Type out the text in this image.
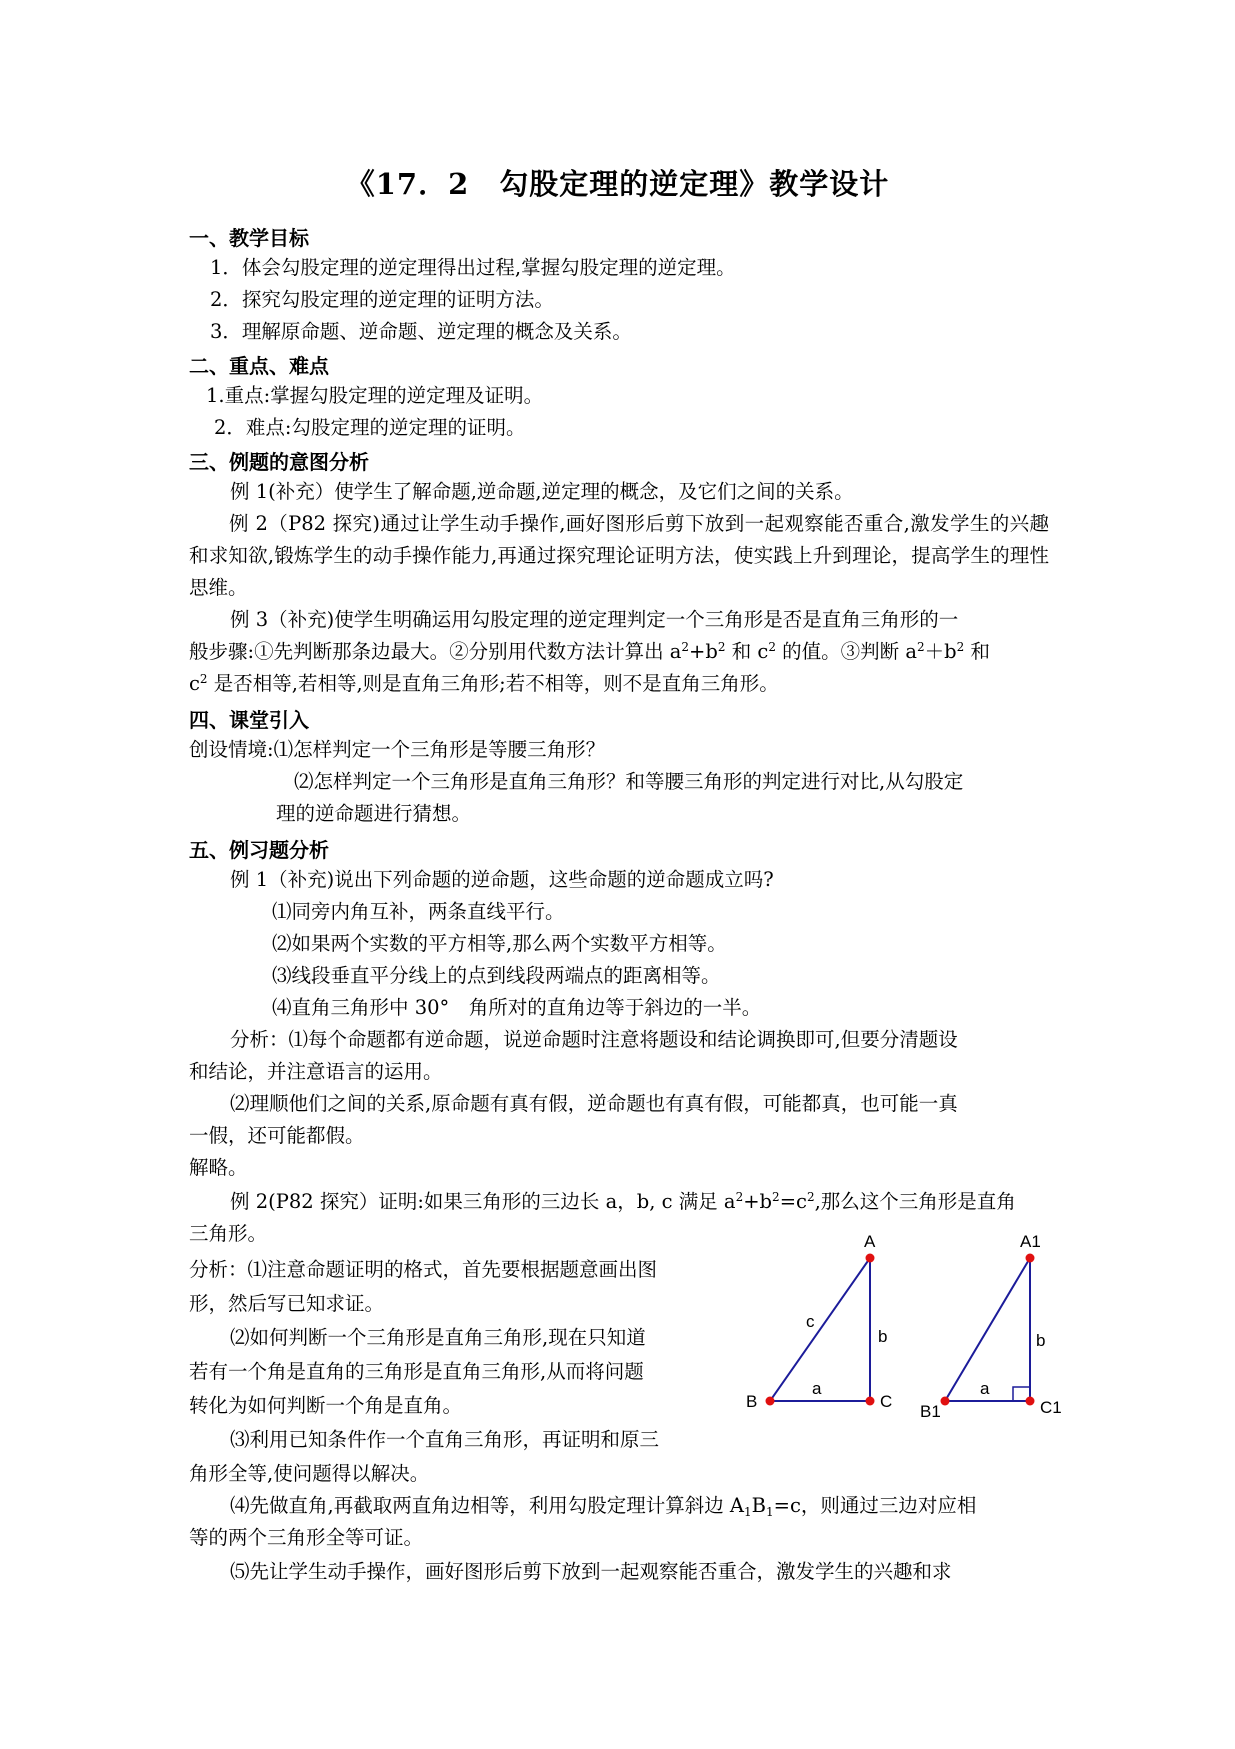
《17．2　勾股定理的逆定理》教学设计
一、教学目标
1．体会勾股定理的逆定理得出过程,掌握勾股定理的逆定理。
2．探究勾股定理的逆定理的证明方法。
3．理解原命题、逆命题、逆定理的概念及关系。
二、重点、难点
1.重点:掌握勾股定理的逆定理及证明。
2．难点:勾股定理的逆定理的证明。
三、例题的意图分析
例 1(补充）使学生了解命题,逆命题,逆定理的概念，及它们之间的关系。
例 2（P82 探究)通过让学生动手操作,画好图形后剪下放到一起观察能否重合,激发学生的兴趣和求知欲,锻炼学生的动手操作能力,再通过探究理论证明方法，使实践上升到理论，提高学生的理性思维。
例 3（补充)使学生明确运用勾股定理的逆定理判定一个三角形是否是直角三角形的一
般步骤:①先判断那条边最大。②分别用代数方法计算出 $a^2+b^2$ 和 $c^2$ 的值。③判断 $a^2+b^2$ 和
$c^2$ 是否相等,若相等,则是直角三角形;若不相等，则不是直角三角形。
四、课堂引入
创设情境:⑴怎样判定一个三角形是等腰三角形？
⑵怎样判定一个三角形是直角三角形？和等腰三角形的判定进行对比,从勾股定
理的逆命题进行猜想。
五、例习题分析
例 1（补充)说出下列命题的逆命题，这些命题的逆命题成立吗?
⑴同旁内角互补，两条直线平行。
⑵如果两个实数的平方相等,那么两个实数平方相等。
⑶线段垂直平分线上的点到线段两端点的距离相等。
⑷直角三角形中 30°　角所对的直角边等于斜边的一半。
分析：⑴每个命题都有逆命题，说逆命题时注意将题设和结论调换即可,但要分清题设
和结论，并注意语言的运用。
⑵理顺他们之间的关系,原命题有真有假，逆命题也有真有假，可能都真，也可能一真
一假，还可能都假。
解略。
例 2(P82 探究）证明:如果三角形的三边长 a，b, c 满足 $a^2+b^2=c^2$,那么这个三角形是直角
三角形。
分析：⑴注意命题证明的格式，首先要根据题意画出图
形，然后写已知求证。
⑵如何判断一个三角形是直角三角形,现在只知道
若有一个角是直角的三角形是直角三角形,从而将问题
转化为如何判断一个角是直角。
⑶利用已知条件作一个直角三角形，再证明和原三
角形全等,使问题得以解决。
⑷先做直角,再截取两直角边相等，利用勾股定理计算斜边 $A_1B_1=c$，则通过三边对应相
等的两个三角形全等可证。
⑸先让学生动手操作，画好图形后剪下放到一起观察能否重合，激发学生的兴趣和求
A
B	C
a
b
c
A1
B1	C1
a
b
